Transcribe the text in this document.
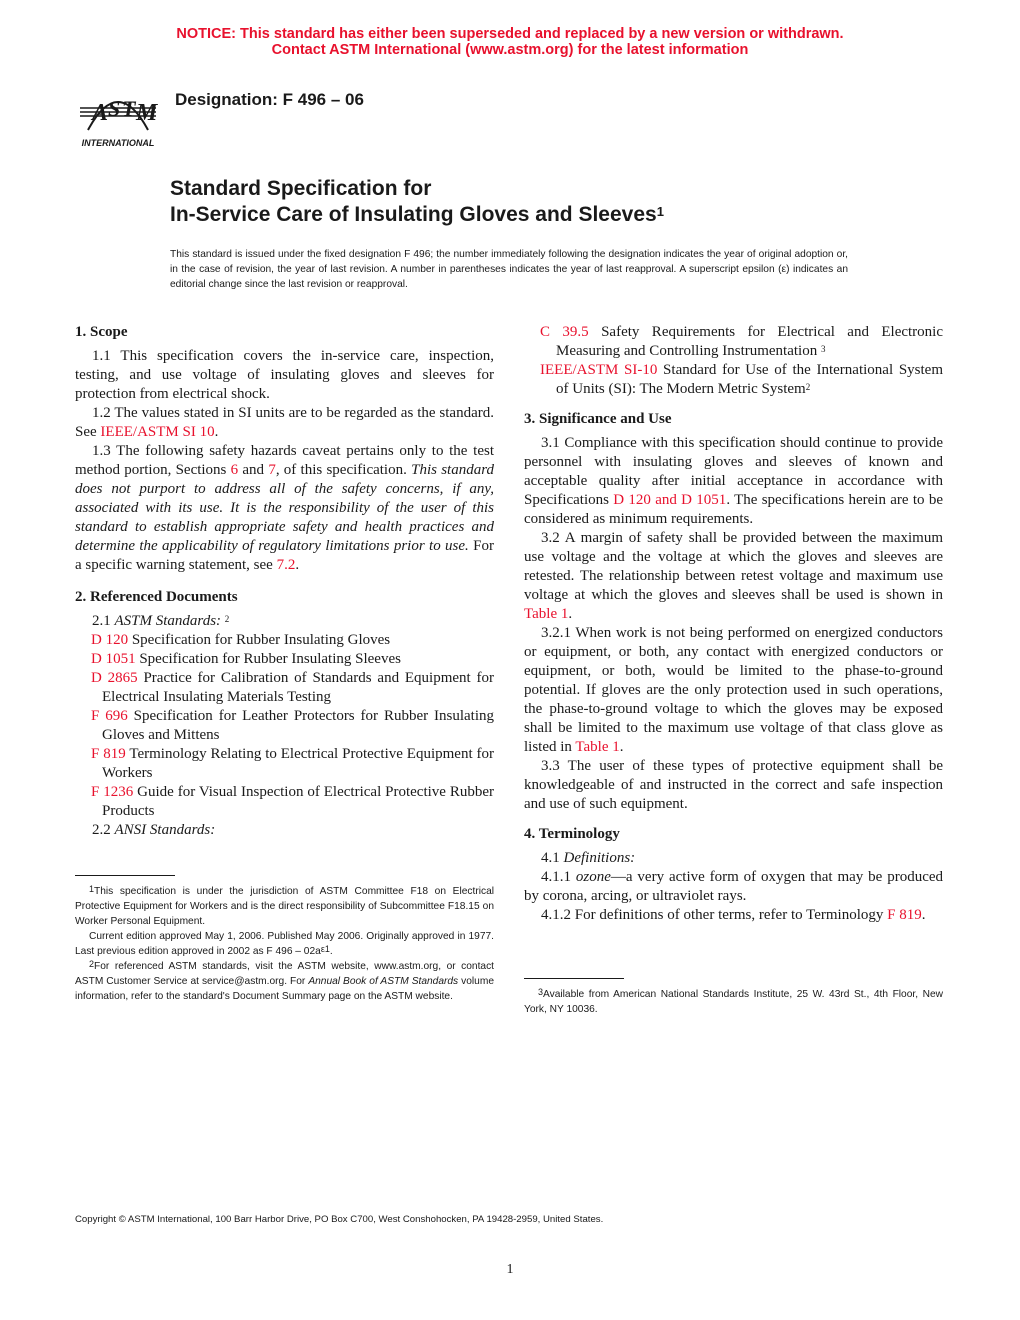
NOTICE: This standard has either been superseded and replaced by a new version or withdrawn.
Contact ASTM International (www.astm.org) for the latest information
A S T M
INTERNATIONAL
Designation: F 496 – 06
Standard Specification for
In-Service Care of Insulating Gloves and Sleeves$^1$
This standard is issued under the fixed designation F 496; the number immediately following the designation indicates the year of original adoption or, in the case of revision, the year of last revision. A number in parentheses indicates the year of last reapproval. A superscript epsilon (ε) indicates an editorial change since the last revision or reapproval.
1. Scope

1.1 This specification covers the in-service care, inspection, testing, and use voltage of insulating gloves and sleeves for protection from electrical shock.

1.2 The values stated in SI units are to be regarded as the standard. See IEEE/ASTM SI 10.

1.3 The following safety hazards caveat pertains only to the test method portion, Sections 6 and 7, of this specification. This standard does not purport to address all of the safety concerns, if any, associated with its use. It is the responsibility of the user of this standard to establish appropriate safety and health practices and determine the applicability of regulatory limitations prior to use. For a specific warning statement, see 7.2.

2. Referenced Documents

2.1 ASTM Standards: $^2$

D 120 Specification for Rubber Insulating Gloves

D 1051 Specification for Rubber Insulating Sleeves

D 2865 Practice for Calibration of Standards and Equipment for Electrical Insulating Materials Testing

F 696 Specification for Leather Protectors for Rubber Insulating Gloves and Mittens

F 819 Terminology Relating to Electrical Protective Equipment for Workers

F 1236 Guide for Visual Inspection of Electrical Protective Rubber Products

2.2 ANSI Standards:

$^1$This specification is under the jurisdiction of ASTM Committee F18 on Electrical Protective Equipment for Workers and is the direct responsibility of Subcommittee F18.15 on Worker Personal Equipment.

Current edition approved May 1, 2006. Published May 2006. Originally approved in 1977. Last previous edition approved in 2002 as F $496 - 02a^{\varepsilon 1}$.

$^2$For referenced ASTM standards, visit the ASTM website, www.astm.org, or contact ASTM Customer Service at service@astm.org. For Annual Book of ASTM Standards volume information, refer to the standard's Document Summary page on the ASTM website.

C 39.5 Safety Requirements for Electrical and Electronic Measuring and Controlling Instrumentation $^3$

IEEE/ASTM SI-10 Standard for Use of the International System of Units (SI): The Modern Metric System$^2$

3. Significance and Use

3.1 Compliance with this specification should continue to provide personnel with insulating gloves and sleeves of known and acceptable quality after initial acceptance in accordance with Specifications D 120 and D 1051. The specifications herein are to be considered as minimum requirements.

3.2 A margin of safety shall be provided between the maximum use voltage and the voltage at which the gloves and sleeves are retested. The relationship between retest voltage and maximum use voltage at which the gloves and sleeves shall be used is shown in Table 1.

3.2.1 When work is not being performed on energized conductors or equipment, or both, any contact with energized conductors or equipment, or both, would be limited to the phase-to-ground potential. If gloves are the only protection used in such operations, the phase-to-ground voltage to which the gloves may be exposed shall be limited to the maximum use voltage of that class glove as listed in Table 1.

3.3 The user of these types of protective equipment shall be knowledgeable of and instructed in the correct and safe inspection and use of such equipment.

4. Terminology

4.1 Definitions:

4.1.1 ozone—a very active form of oxygen that may be produced by corona, arcing, or ultraviolet rays.

4.1.2 For definitions of other terms, refer to Terminology F 819.

$^3$Available from American National Standards Institute, 25 W. 43rd St., 4th Floor, New York, NY 10036.

Copyright © ASTM International, 100 Barr Harbor Drive, PO Box C700, West Conshohocken, PA 19428-2959, United States.
1
